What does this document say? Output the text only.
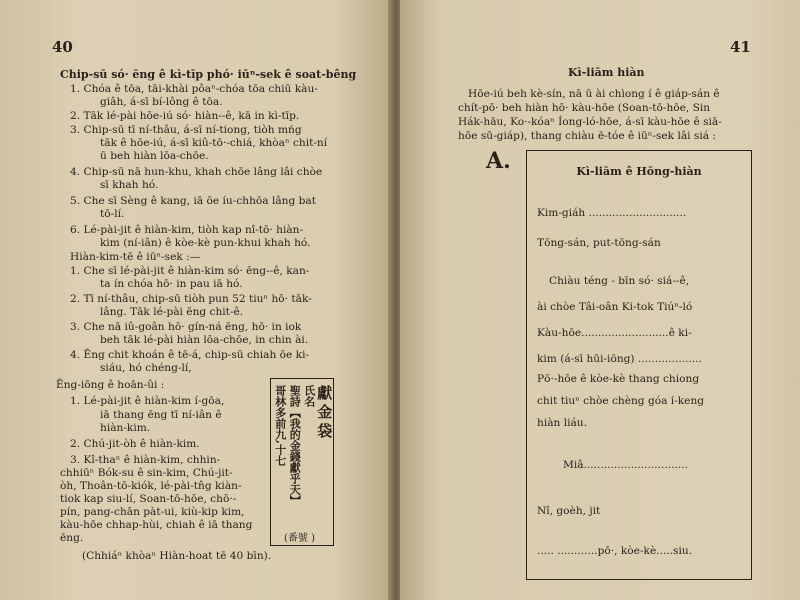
40
Chip-sū só· ēng ê kì-tīp phó· iūⁿ-sek ê soat-bêng
1. Chóa ê tōa, tāi-khài pôaⁿ-chóa tōa chiū kàu-
giâh, á-sī bí-lông ê tōa.
2. Tāk lé-pài hōe-iú só· hiàn--ê, kā in kì-tīp.
3. Chip-sū tī ní-thâu, á-sī ní-tiong, tiòh mńg
tāk ê hōe-iú, á-sī kiû-tō·-chiá, khòaⁿ chit-ní
ū beh hiàn lōa-chōe.
4. Chip-sū nā hun-khu, khah chōe lâng lâi chòe
sī khah hó.
5. Che sī Sèng ê kang, iā ōe íu-chhōa lâng bat
tō-lí.
6. Lé-pài-jit ê hiàn-kim, tiòh kap nî-tō· hiàn-
kim (ní-iân) ê kòe-kè pun-khui khah hó.
Hiàn-kim-tē ê iūⁿ-sek :—
1. Che sī lé-pài-jit ê hiàn-kim só· ēng--ê, kan-
ta ín chóa hō· in pau iā hó.
2. Tī ní-thâu, chip-sū tiòh pun 52 tiuⁿ hō· tāk-
lâng. Tāk lé-pài ēng chit-ê.
3. Che nā iû-goân hō· gín-ná ēng, hō· in iok
beh tāk lé-pài hiàn lōa-chōe, in chin ài.
4. Ēng chit khoán ê tē-á, chip-sū chiah ōe ki-
siáu, hó chéng-lí,
Ēng-iōng ê hoān-ûi :
1. Lé-pài-jit ê hiàn-kim í-gōa,
iā thang ēng tī ní-iân ê
hiàn-kim.
2. Chú-jit-òh ê hiàn-kim.
3. Kî-thaⁿ ê hiàn-kim, chhin-
chhiūⁿ Bók-su ê sin-kim, Chú-jit-
òh, Thoân-tō-kiók, lé-pài-tn̂g kiàn-
tiok kap siu-lí, Soan-tō-hōe, chō·-
pín, pang-chān pàt-ui, kiù-kip kim,
kàu-hōe chhap-hùi, chiah ê iā thang
ēng.
(Chhiáⁿ khòaⁿ Hiàn-hoat tē 40 bīn).
獻金袋
氏名
聖詩【我的金錢獻乎天】
哥林多前九,十七
(番號 )
41
Kì-liām hiàn
Hōe-iú beh kè-sín, nā ū ài chìong í ê giáp-sán ê
chít-pō· beh hiàn hō· kàu-hōe (Soan-tō-hōe, Sin
Hák-hāu, Ko·-kóaⁿ Íong-ló-hōe, á-sī kàu-hōe ê siā-
hōe sū-giáp), thang chiàu ē-tóe ê iūⁿ-sek lâi siá :
A.	Kì-liām ê Hōng-hiàn
Kim-giáh .............................
Tōng-sán, put-tōng-sán
Chiàu téng - bīn só· siá--ê,
ài chòe Tâi-oân Ki-tok Tiúⁿ-ló
Kàu-hōe..........................ê ki-
kim (á-sī hūi-iōng) ...................
Pō·-hōe ê kòe-kè thang chiong
chit tiuⁿ chòe chèng góa í-keng
hiàn liáu.
Miâ...............................
Nî, goèh, jit
..... ............pō·, kòe-kè.....siu.
